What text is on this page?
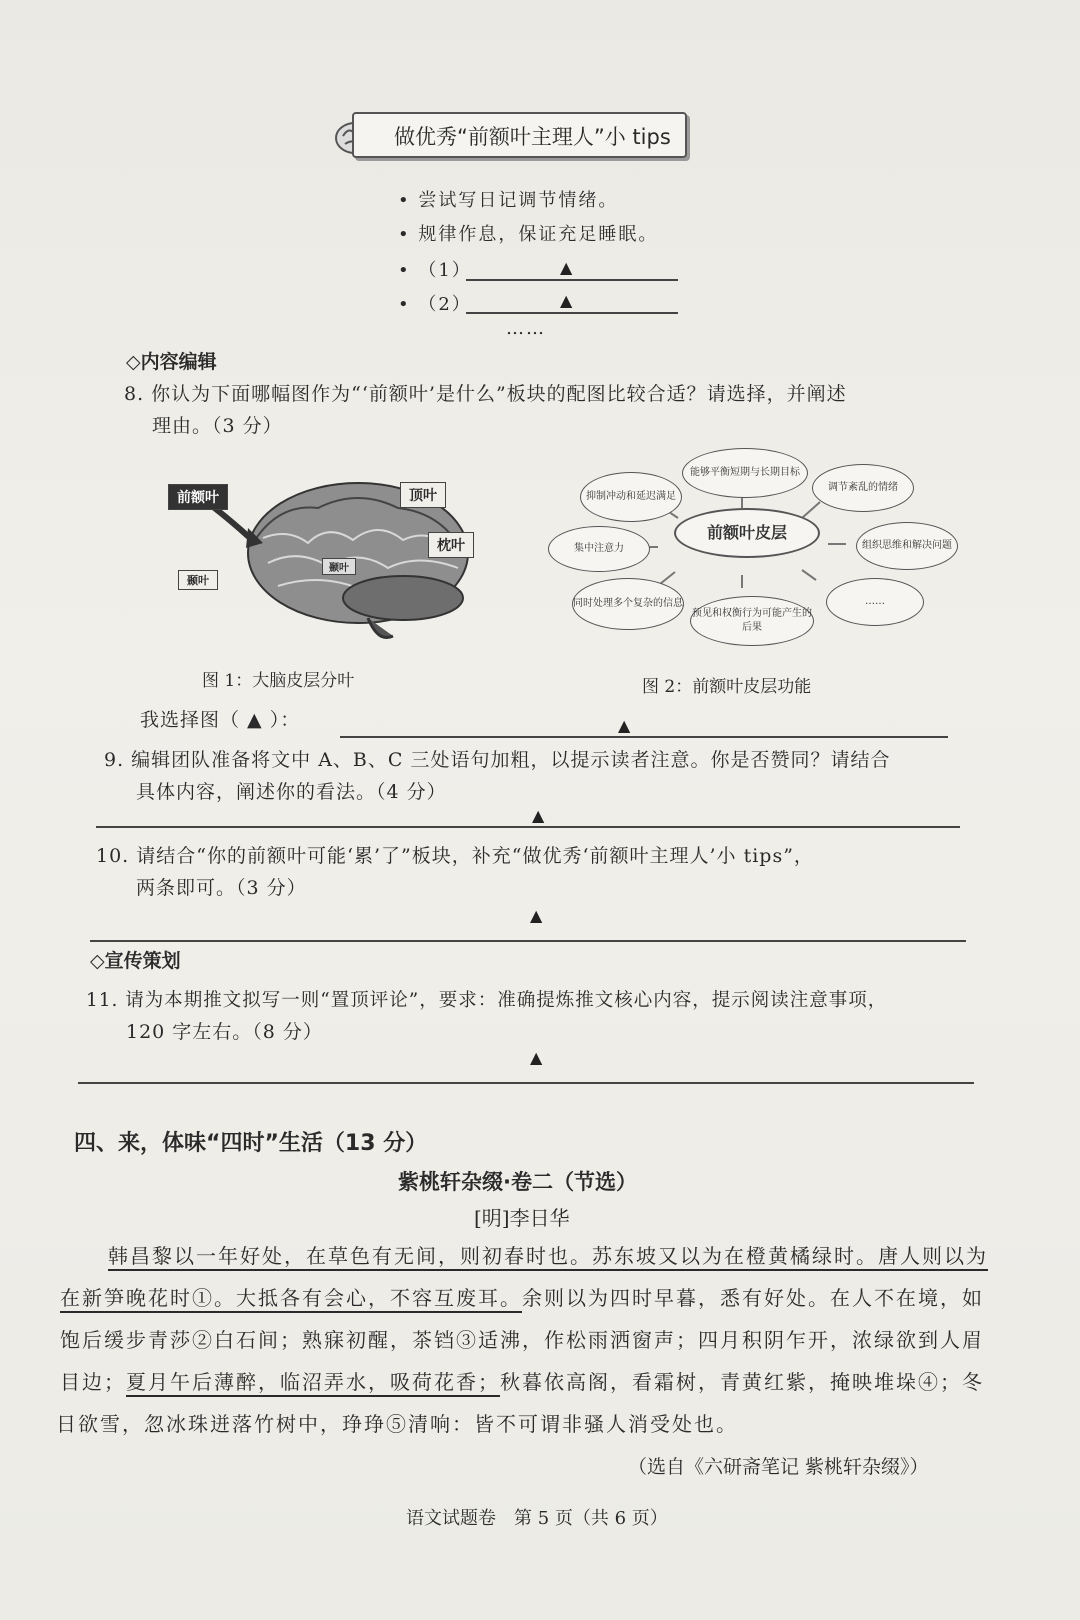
做优秀“前额叶主理人”小 tips
• 尝试写日记调节情绪。
• 规律作息，保证充足睡眠。
• （1）	▲
• （2）	▲
……
◇内容编辑
8. 你认为下面哪幅图作为“‘前额叶’是什么”板块的配图比较合适？请选择，并阐述
理由。（3 分）
前额叶	顶叶
枕叶
颞叶
颞叶
图 1：大脑皮层分叶
前额叶皮层
能够平衡短期与长期目标
抑制冲动和延迟满足
调节紊乱的情绪
集中注意力	组织思维和解决问题
同时处理多个复杂的信息
预见和权衡行为可能产生的后果
……
图 2：前额叶皮层功能
我选择图（ ▲ ）：	▲
9. 编辑团队准备将文中 A、B、C 三处语句加粗，以提示读者注意。你是否赞同？请结合
具体内容，阐述你的看法。（4 分）
▲
10. 请结合“你的前额叶可能‘累’了”板块，补充“做优秀‘前额叶主理人’小 tips”，
两条即可。（3 分）
▲
◇宣传策划
11. 请为本期推文拟写一则“置顶评论”，要求：准确提炼推文核心内容，提示阅读注意事项，
120 字左右。（8 分）
▲
四、来，体味“四时”生活（13 分）
紫桃轩杂缀·卷二（节选）
[明]李日华
韩昌黎以一年好处，在草色有无间，则初春时也。苏东坡又以为在橙黄橘绿时。唐人则以为
在新笋晚花时①。大抵各有会心，不容互废耳。余则以为四时早暮，悉有好处。在人不在境，如
饱后缓步青莎②白石间；熟寐初醒，茶铛③适沸，作松雨洒窗声；四月积阴乍开，浓绿欲到人眉
目边；夏月午后薄醉，临沼弄水，吸荷花香；秋暮依高阁，看霜树，青黄红紫，掩映堆垛④；冬
日欲雪，忽冰珠迸落竹树中，琤琤⑤清响：皆不可谓非骚人消受处也。
（选自《六研斋笔记 紫桃轩杂缀》）
语文试题卷　第 5 页（共 6 页）
